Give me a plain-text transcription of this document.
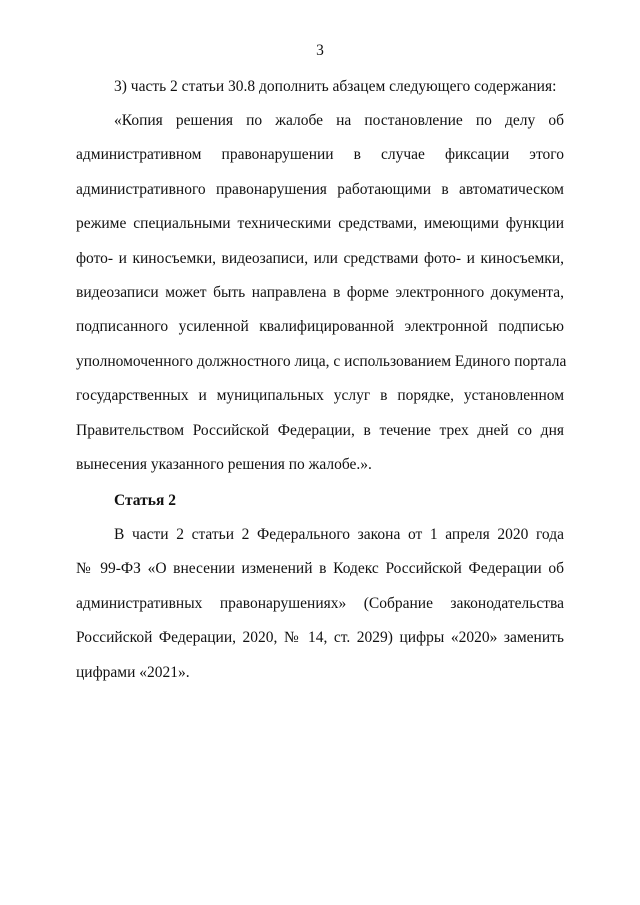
3
3) часть 2 статьи 30.8 дополнить абзацем следующего содержания:
«Копия решения по жалобе на постановление по делу об
административном правонарушении в случае фиксации этого
административного правонарушения работающими в автоматическом
режиме специальными техническими средствами, имеющими функции
фото- и киносъемки, видеозаписи, или средствами фото- и киносъемки,
видеозаписи может быть направлена в форме электронного документа,
подписанного усиленной квалифицированной электронной подписью
уполномоченного должностного лица, с использованием Единого портала
государственных и муниципальных услуг в порядке, установленном
Правительством Российской Федерации, в течение трех дней со дня
вынесения указанного решения по жалобе.».
Статья 2
В части 2 статьи 2 Федерального закона от 1 апреля 2020 года
№ 99-ФЗ «О внесении изменений в Кодекс Российской Федерации об
административных правонарушениях» (Собрание законодательства
Российской Федерации, 2020, № 14, ст. 2029) цифры «2020» заменить
цифрами «2021».
